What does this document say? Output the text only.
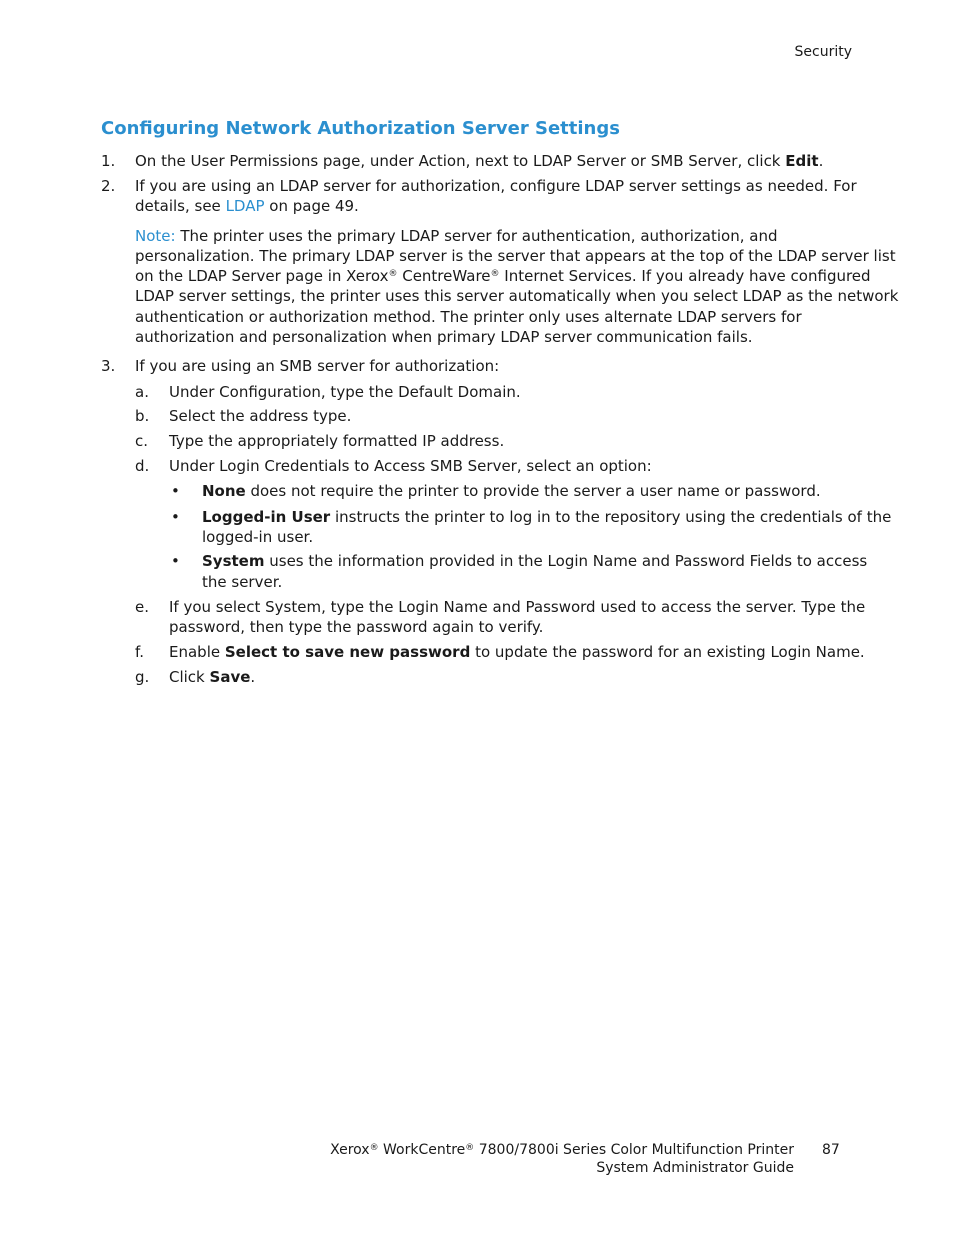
Security
Configuring Network Authorization Server Settings
1. On the User Permissions page, under Action, next to LDAP Server or SMB Server, click Edit.
2. If you are using an LDAP server for authorization, configure LDAP server settings as needed. For
details, see LDAP on page 49.
Note: The printer uses the primary LDAP server for authentication, authorization, and
personalization. The primary LDAP server is the server that appears at the top of the LDAP server list
on the LDAP Server page in Xerox® CentreWare® Internet Services. If you already have configured
LDAP server settings, the printer uses this server automatically when you select LDAP as the network
authentication or authorization method. The printer only uses alternate LDAP servers for
authorization and personalization when primary LDAP server communication fails.
3. If you are using an SMB server for authorization:
a. Under Configuration, type the Default Domain.
b. Select the address type.
c. Type the appropriately formatted IP address.
d. Under Login Credentials to Access SMB Server, select an option:
• None does not require the printer to provide the server a user name or password.
• Logged-in User instructs the printer to log in to the repository using the credentials of the
logged-in user.
• System uses the information provided in the Login Name and Password Fields to access
the server.
e. If you select System, type the Login Name and Password used to access the server. Type the
password, then type the password again to verify.
f. Enable Select to save new password to update the password for an existing Login Name.
g. Click Save.
Xerox® WorkCentre® 7800/7800i Series Color Multifunction Printer
System Administrator Guide
87
